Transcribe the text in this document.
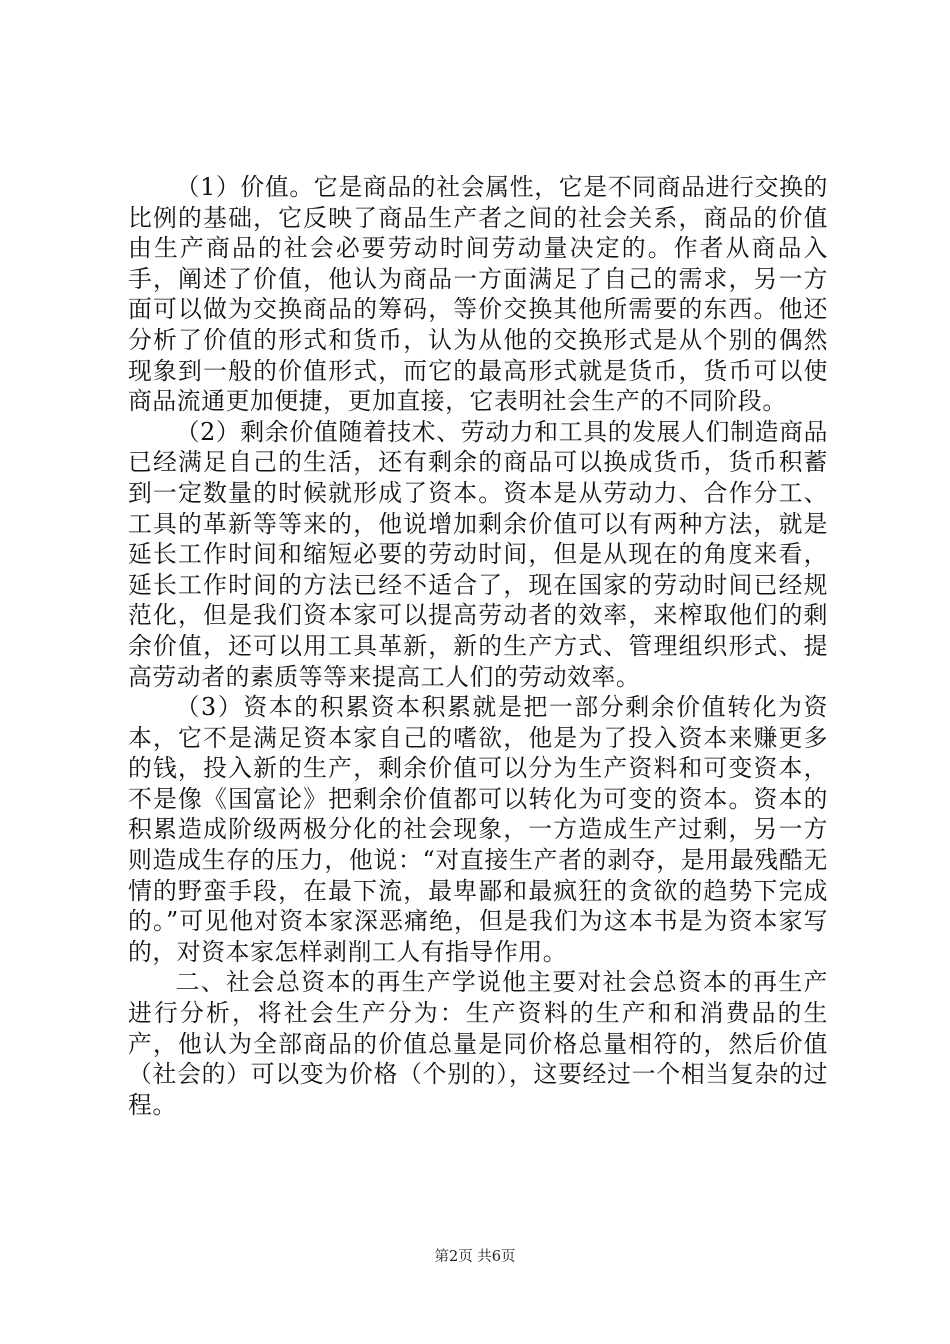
（1）价值。它是商品的社会属性，它是不同商品进行交换的比例的基础，它反映了商品生产者之间的社会关系，商品的价值由生产商品的社会必要劳动时间劳动量决定的。作者从商品入手，阐述了价值，他认为商品一方面满足了自己的需求，另一方面可以做为交换商品的筹码，等价交换其他所需要的东西。他还分析了价值的形式和货币，认为从他的交换形式是从个别的偶然现象到一般的价值形式，而它的最高形式就是货币，货币可以使商品流通更加便捷，更加直接，它表明社会生产的不同阶段。

（2）剩余价值随着技术、劳动力和工具的发展人们制造商品已经满足自己的生活，还有剩余的商品可以换成货币，货币积蓄到一定数量的时候就形成了资本。资本是从劳动力、合作分工、工具的革新等等来的，他说增加剩余价值可以有两种方法，就是延长工作时间和缩短必要的劳动时间，但是从现在的角度来看，延长工作时间的方法已经不适合了，现在国家的劳动时间已经规范化，但是我们资本家可以提高劳动者的效率，来榨取他们的剩余价值，还可以用工具革新，新的生产方式、管理组织形式、提高劳动者的素质等等来提高工人们的劳动效率。

（3）资本的积累资本积累就是把一部分剩余价值转化为资本，它不是满足资本家自己的嗜欲，他是为了投入资本来赚更多的钱，投入新的生产，剩余价值可以分为生产资料和可变资本，不是像《国富论》把剩余价值都可以转化为可变的资本。资本的积累造成阶级两极分化的社会现象，一方造成生产过剩，另一方则造成生存的压力，他说：“对直接生产者的剥夺，是用最残酷无情的野蛮手段，在最下流，最卑鄙和最疯狂的贪欲的趋势下完成的。”可见他对资本家深恶痛绝，但是我们为这本书是为资本家写的，对资本家怎样剥削工人有指导作用。

二、社会总资本的再生产学说他主要对社会总资本的再生产进行分析，将社会生产分为：生产资料的生产和和消费品的生产，他认为全部商品的价值总量是同价格总量相符的，然后价值（社会的）可以变为价格（个别的），这要经过一个相当复杂的过程。

第2页 共6页
